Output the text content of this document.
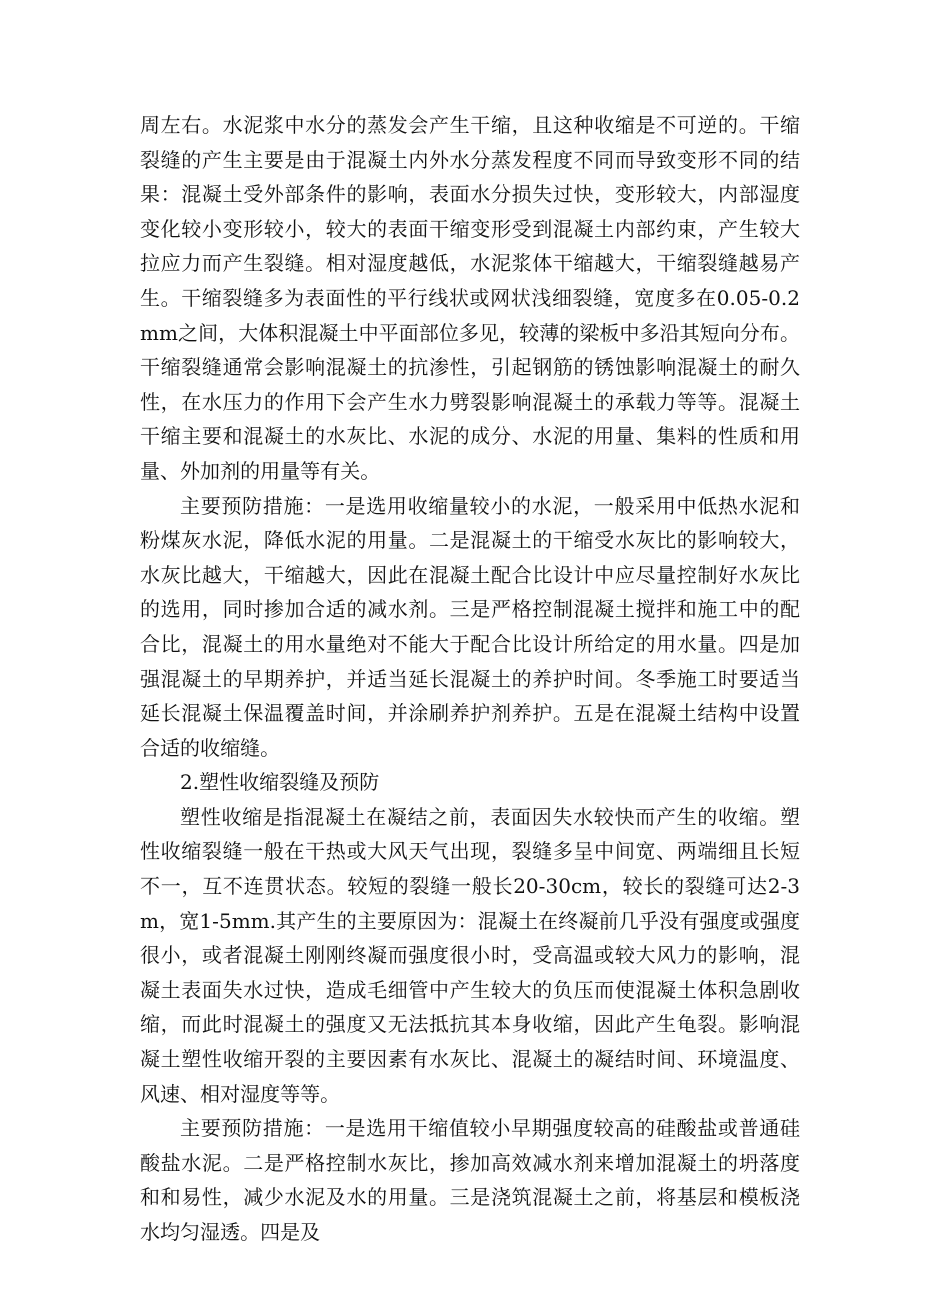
周左右。水泥浆中水分的蒸发会产生干缩，且这种收缩是不可逆的。干缩裂缝的产生主要是由于混凝土内外水分蒸发程度不同而导致变形不同的结果：混凝土受外部条件的影响，表面水分损失过快，变形较大，内部湿度变化较小变形较小，较大的表面干缩变形受到混凝土内部约束，产生较大拉应力而产生裂缝。相对湿度越低，水泥浆体干缩越大，干缩裂缝越易产生。干缩裂缝多为表面性的平行线状或网状浅细裂缝，宽度多在0.05-0.2mm之间，大体积混凝土中平面部位多见，较薄的梁板中多沿其短向分布。干缩裂缝通常会影响混凝土的抗渗性，引起钢筋的锈蚀影响混凝土的耐久性，在水压力的作用下会产生水力劈裂影响混凝土的承载力等等。混凝土干缩主要和混凝土的水灰比、水泥的成分、水泥的用量、集料的性质和用量、外加剂的用量等有关。

主要预防措施：一是选用收缩量较小的水泥，一般采用中低热水泥和粉煤灰水泥，降低水泥的用量。二是混凝土的干缩受水灰比的影响较大，水灰比越大，干缩越大，因此在混凝土配合比设计中应尽量控制好水灰比的选用，同时掺加合适的减水剂。三是严格控制混凝土搅拌和施工中的配合比，混凝土的用水量绝对不能大于配合比设计所给定的用水量。四是加强混凝土的早期养护，并适当延长混凝土的养护时间。冬季施工时要适当延长混凝土保温覆盖时间，并涂刷养护剂养护。五是在混凝土结构中设置合适的收缩缝。

2.塑性收缩裂缝及预防

塑性收缩是指混凝土在凝结之前，表面因失水较快而产生的收缩。塑性收缩裂缝一般在干热或大风天气出现，裂缝多呈中间宽、两端细且长短不一，互不连贯状态。较短的裂缝一般长20-30cm，较长的裂缝可达2-3m，宽1-5mm.其产生的主要原因为：混凝土在终凝前几乎没有强度或强度很小，或者混凝土刚刚终凝而强度很小时，受高温或较大风力的影响，混凝土表面失水过快，造成毛细管中产生较大的负压而使混凝土体积急剧收缩，而此时混凝土的强度又无法抵抗其本身收缩，因此产生龟裂。影响混凝土塑性收缩开裂的主要因素有水灰比、混凝土的凝结时间、环境温度、风速、相对湿度等等。

主要预防措施：一是选用干缩值较小早期强度较高的硅酸盐或普通硅酸盐水泥。二是严格控制水灰比，掺加高效减水剂来增加混凝土的坍落度和和易性，减少水泥及水的用量。三是浇筑混凝土之前，将基层和模板浇水均匀湿透。四是及
